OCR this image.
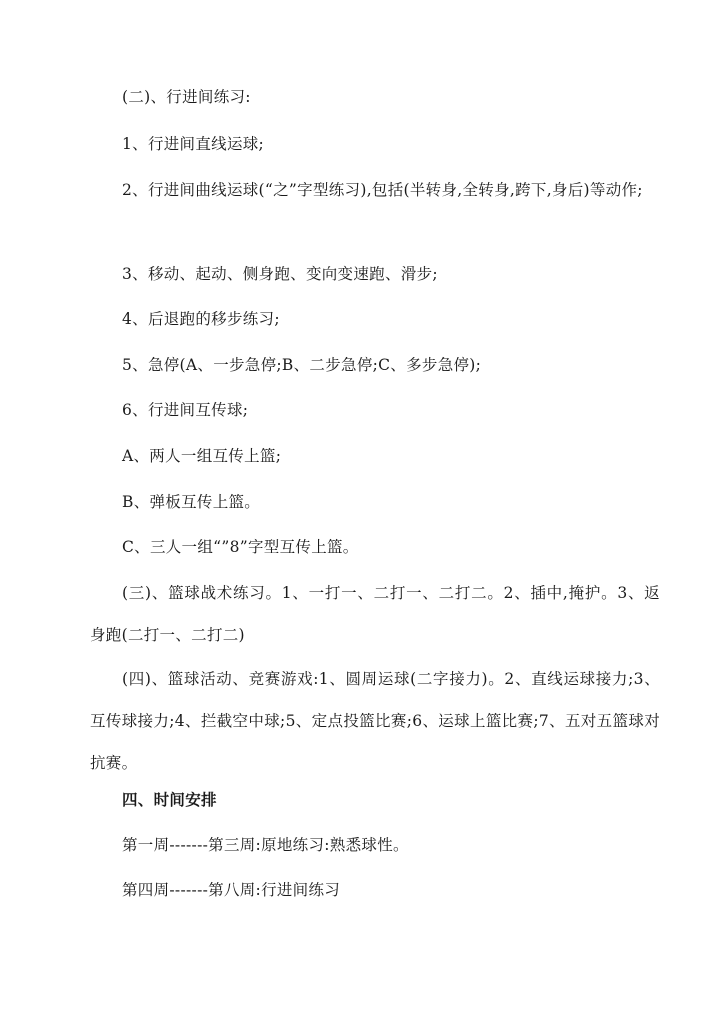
(二)、行进间练习:

1、行进间直线运球;

2、行进间曲线运球(“之”字型练习),包括(半转身,全转身,跨下,身后)等动作;

3、移动、起动、侧身跑、变向变速跑、滑步;

4、后退跑的移步练习;

5、急停(A、一步急停;B、二步急停;C、多步急停);

6、行进间互传球;

A、两人一组互传上篮;

B、弹板互传上篮。

C、三人一组“”8”字型互传上篮。

(三)、篮球战术练习。1、一打一、二打一、二打二。2、插中,掩护。3、返身跑(二打一、二打二)

(四)、篮球活动、竞赛游戏:1、圆周运球(二字接力)。2、直线运球接力;3、互传球接力;4、拦截空中球;5、定点投篮比赛;6、运球上篮比赛;7、五对五篮球对抗赛。

四、时间安排

第一周-------第三周:原地练习:熟悉球性。

第四周-------第八周:行进间练习
